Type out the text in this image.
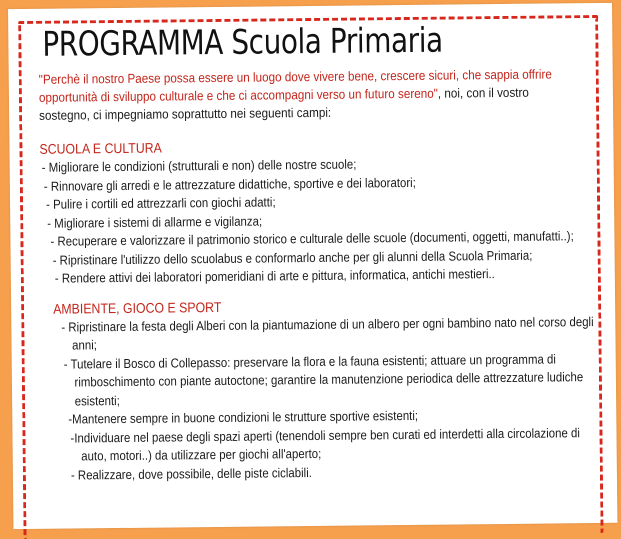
PROGRAMMA Scuola Primaria

"Perchè il nostro Paese possa essere un luogo dove vivere bene, crescere sicuri, che sappia offrire opportunità di sviluppo culturale e che ci accompagni verso un futuro sereno", noi, con il vostro sostegno, ci impegniamo soprattutto nei seguenti campi:

SCUOLA E CULTURA
- Migliorare le condizioni (strutturali e non) delle nostre scuole;
- Rinnovare gli arredi e le attrezzature didattiche, sportive e dei laboratori;
- Pulire i cortili ed attrezzarli con giochi adatti;
- Migliorare i sistemi di allarme e vigilanza;
- Recuperare e valorizzare il patrimonio storico e culturale delle scuole (documenti, oggetti, manufatti..);
- Ripristinare l'utilizzo dello scuolabus e conformarlo anche per gli alunni della Scuola Primaria;
- Rendere attivi dei laboratori pomeridiani di arte e pittura, informatica, antichi mestieri..
AMBIENTE, GIOCO E SPORT
- Ripristinare la festa degli Alberi con la piantumazione di un albero per ogni bambino nato nel corso degli anni;
- Tutelare il Bosco di Collepasso: preservare la flora e la fauna esistenti; attuare un programma di rimboschimento con piante autoctone; garantire la manutenzione periodica delle attrezzature ludiche esistenti;
-Mantenere sempre in buone condizioni le strutture sportive esistenti;
-Individuare nel paese degli spazi aperti (tenendoli sempre ben curati ed interdetti alla circolazione di auto, motori..) da utilizzare per giochi all'aperto;
- Realizzare, dove possibile, delle piste ciclabili.
